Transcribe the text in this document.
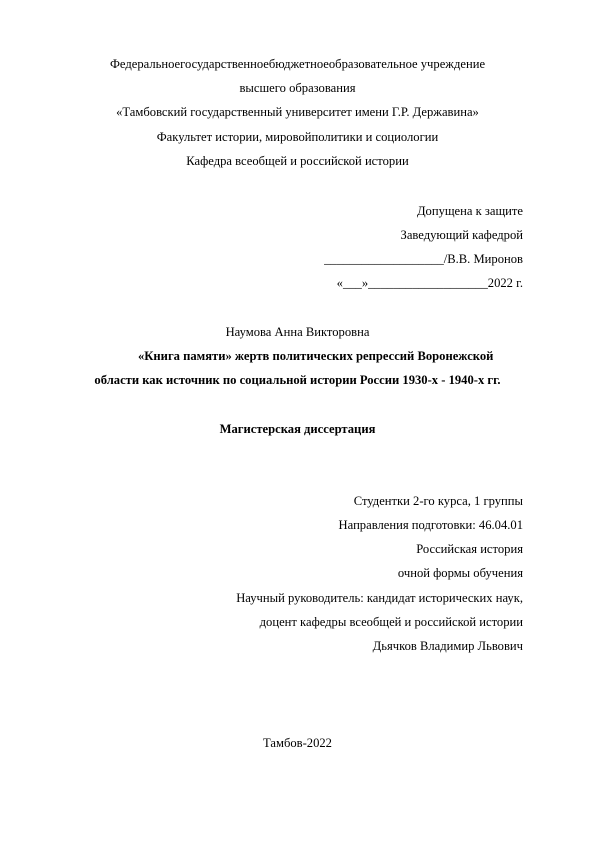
Федеральноегосударственноебюджетноеобразовательное учреждение
высшего образования
«Тамбовский государственный университет имени Г.Р. Державина»
Факультет истории, мировойполитики и социологии
Кафедра всеобщей и российской истории
Допущена к защите
Заведующий кафедрой
___________________/В.В. Миронов
«___»___________________2022 г.
Наумова Анна Викторовна
«Книга памяти» жертв политических репрессий Воронежской
области как источник по социальной истории России 1930-х - 1940-х гг.
Магистерская диссертация
Студентки 2-го курса, 1 группы
Направления подготовки: 46.04.01
Российская история
очной формы обучения
Научный руководитель: кандидат исторических наук,
доцент кафедры всеобщей и российской истории
Дьячков Владимир Львович
Тамбов-2022
